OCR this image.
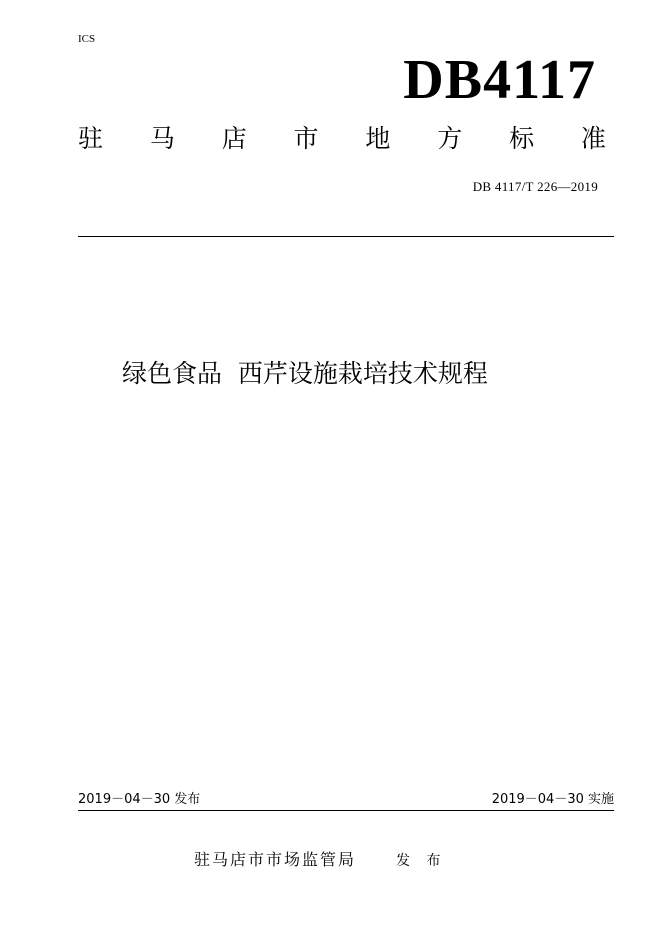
ICS
DB4117
驻 马 店 市 地 方 标 准
DB 4117/T 226—2019
绿色食品  西芹设施栽培技术规程
2019－04－30 发布	2019－04－30 实施
驻马店市市场监管局	发 布
